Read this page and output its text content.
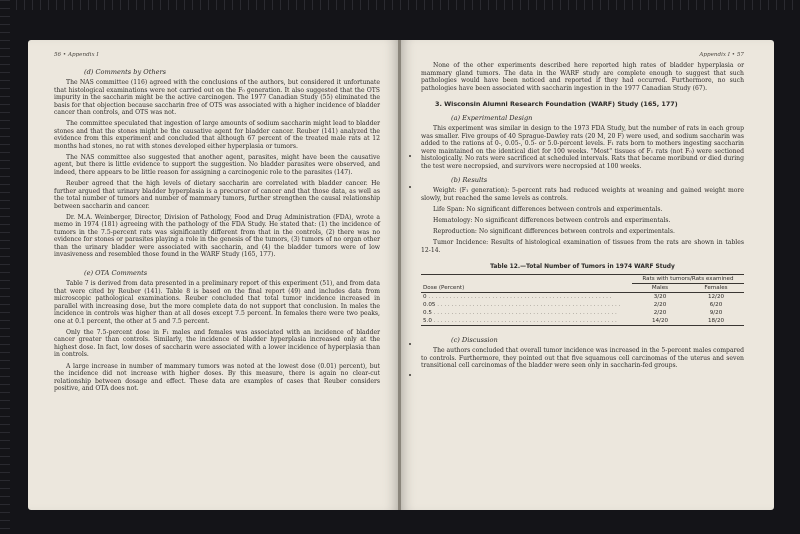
56 • Appendix I
(d) Comments by Others

The NAS committee (116) agreed with the conclusions of the authors, but considered it unfortunate that histological examinations were not carried out on the F₀ generation. It also suggested that the OTS impurity in the saccharin might be the active carcinogen. The 1977 Canadian Study (55) eliminated the basis for that objection because saccharin free of OTS was associated with a higher incidence of bladder cancer than controls, and OTS was not.

The committee speculated that ingestion of large amounts of sodium saccharin might lead to bladder stones and that the stones might be the causative agent for bladder cancer. Reuber (141) analyzed the evidence from this experiment and concluded that although 67 percent of the treated male rats at 12 months had stones, no rat with stones developed either hyperplasia or tumors.

The NAS committee also suggested that another agent, parasites, might have been the causative agent, but there is little evidence to support the suggestion. No bladder parasites were observed, and indeed, there appears to be little reason for assigning a carcinogenic role to the parasites (147).

Reuber agreed that the high levels of dietary saccharin are correlated with bladder cancer. He further argued that urinary bladder hyperplasia is a precursor of cancer and that those data, as well as the total number of tumors and number of mammary tumors, further strengthen the causal relationship between saccharin and cancer.

Dr. M.A. Weinberger, Director, Division of Pathology, Food and Drug Administration (FDA), wrote a memo in 1974 (181) agreeing with the pathology of the FDA Study. He stated that: (1) the incidence of tumors in the 7.5-percent rats was significantly different from that in the controls, (2) there was no evidence for stones or parasites playing a role in the genesis of the tumors, (3) tumors of no organ other than the urinary bladder were associated with saccharin, and (4) the bladder tumors were of low invasiveness and resembled those found in the WARF Study (165, 177).

(e) OTA Comments

Table 7 is derived from data presented in a preliminary report of this experiment (51), and from data that were cited by Reuber (141). Table 8 is based on the final report (49) and includes data from microscopic pathological examinations. Reuber concluded that total tumor incidence increased in parallel with increasing dose, but the more complete data do not support that conclusion. In males the incidence in controls was higher than at all doses except 7.5 percent. In females there were two peaks, one at 0.1 percent, the other at 5 and 7.5 percent.

Only the 7.5-percent dose in F₁ males and females was associated with an incidence of bladder cancer greater than controls. Similarly, the incidence of bladder hyperplasia increased only at the highest dose. In fact, low doses of saccharin were associated with a lower incidence of hyperplasia than in controls.

A large increase in number of mammary tumors was noted at the lowest dose (0.01) percent), but the incidence did not increase with higher doses. By this measure, there is again no clear-cut relationship between dosage and effect. These data are examples of cases that Reuber considers positive, and OTA does not.

Appendix I • 57

None of the other experiments described here reported high rates of bladder hyperplasia or mammary gland tumors. The data in the WARF study are complete enough to suggest that such pathologies would have been noticed and reported if they had occurred. Furthermore, no such pathologies have been associated with saccharin ingestion in the 1977 Canadian Study (67).

3. Wisconsin Alumni Research Foundation (WARF) Study (165, 177)
(a) Experimental Design

This experiment was similar in design to the 1973 FDA Study, but the number of rats in each group was smaller. Five groups of 40 Sprague-Dawley rats (20 M, 20 F) were used, and sodium saccharin was added to the rations at 0-, 0.05-, 0.5- or 5.0-percent levels. F₁ rats born to mothers ingesting saccharin were maintained on the identical diet for 100 weeks. "Most" tissues of F₁ rats (not F₀) were sectioned histologically. No rats were sacrificed at scheduled intervals. Rats that became moribund or died during the test were necropsied, and survivors were necropsied at 100 weeks.

(b) Results

Weight: (F₁ generation): 5-percent rats had reduced weights at weaning and gained weight more slowly, but reached the same levels as controls.

Life Span: No significant differences between controls and experimentals.

Hematology: No significant differences between controls and experimentals.

Reproduction: No significant differences between controls and experimentals.

Tumor Incidence: Results of histological examination of tissues from the rats are shown in tables 12-14.

Table 12.—Total Number of Tumors in 1974 WARF Study
	Rats with tumors/Rats examined	
Dose (Percent)	Males	Females
0 . . .	3/20	12/20
0.05 . . .	2/20	6/20
0.5 . . .	2/20	9/20
5.0 . . .	14/20	18/20
(c) Discussion

The authors concluded that overall tumor incidence was increased in the 5-percent males compared to controls. Furthermore, they pointed out that five squamous cell carcinomas of the uterus and seven transitional cell carcinomas of the bladder were seen only in saccharin-fed groups.
